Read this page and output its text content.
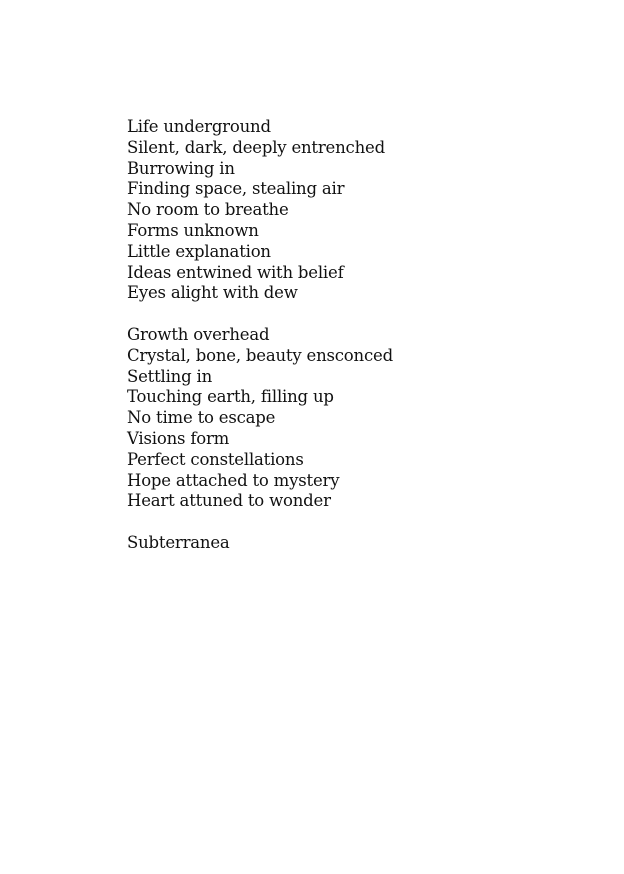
Life underground
Silent, dark, deeply entrenched
Burrowing in
Finding space, stealing air
No room to breathe
Forms unknown
Little explanation
Ideas entwined with belief
Eyes alight with dew
Growth overhead
Crystal, bone, beauty ensconced
Settling in
Touching earth, filling up
No time to escape
Visions form
Perfect constellations
Hope attached to mystery
Heart attuned to wonder
Subterranea
